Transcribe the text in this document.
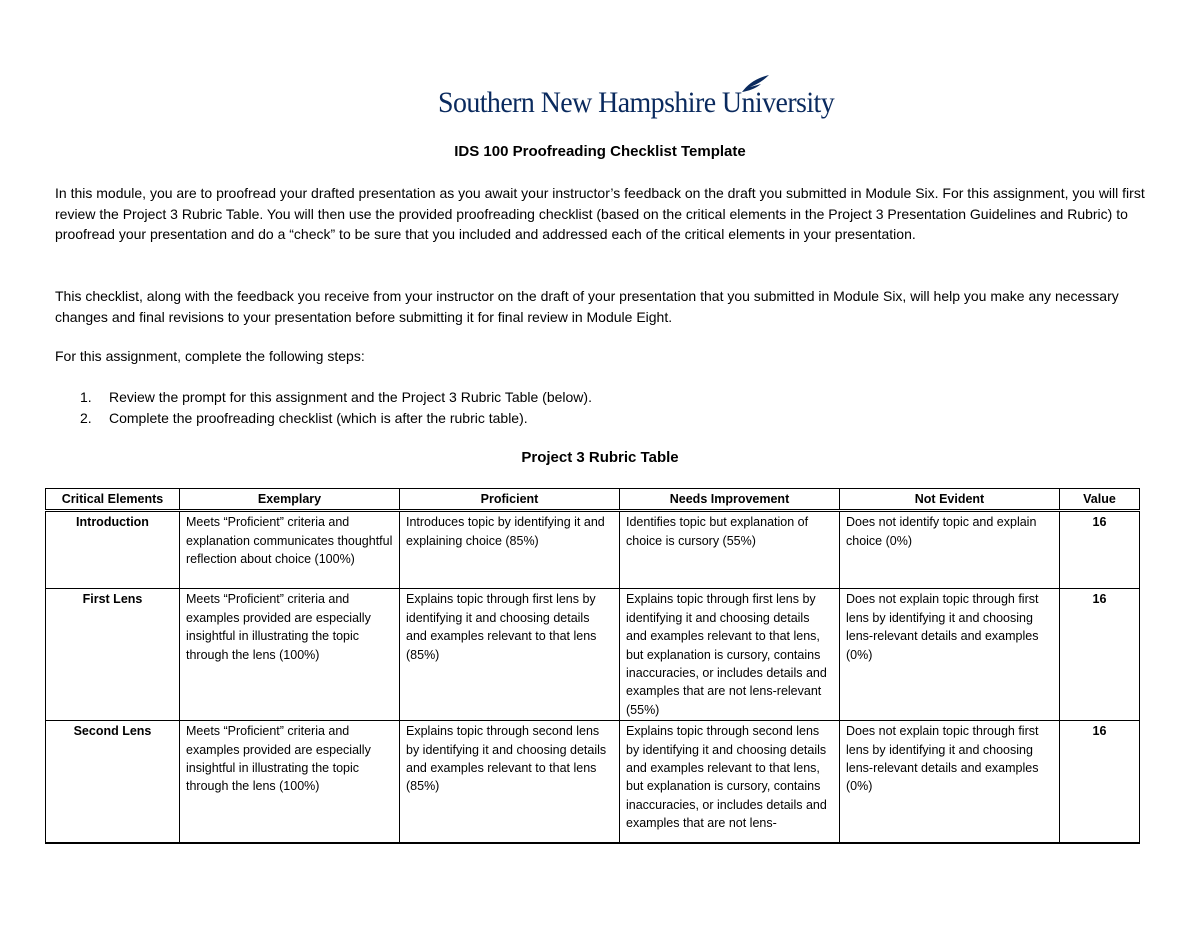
Southern New Hampshire University
IDS 100 Proofreading Checklist Template
In this module, you are to proofread your drafted presentation as you await your instructor’s feedback on the draft you submitted in Module Six. For this assignment, you will first review the Project 3 Rubric Table. You will then use the provided proofreading checklist (based on the critical elements in the Project 3 Presentation Guidelines and Rubric) to proofread your presentation and do a “check” to be sure that you included and addressed each of the critical elements in your presentation.
This checklist, along with the feedback you receive from your instructor on the draft of your presentation that you submitted in Module Six, will help you make any necessary changes and final revisions to your presentation before submitting it for final review in Module Eight.
For this assignment, complete the following steps:
1. Review the prompt for this assignment and the Project 3 Rubric Table (below).
2. Complete the proofreading checklist (which is after the rubric table).
Project 3 Rubric Table
Critical Elements	Exemplary	Proficient	Needs Improvement	Not Evident	Value
Introduction	Meets “Proficient” criteria and explanation communicates thoughtful reflection about choice (100%)	Introduces topic by identifying it and explaining choice (85%)	Identifies topic but explanation of choice is cursory (55%)	Does not identify topic and explain choice (0%)	16
First Lens	Meets “Proficient” criteria and examples provided are especially insightful in illustrating the topic through the lens (100%)	Explains topic through first lens by identifying it and choosing details and examples relevant to that lens (85%)	Explains topic through first lens by identifying it and choosing details and examples relevant to that lens, but explanation is cursory, contains inaccuracies, or includes details and examples that are not lens-relevant (55%)	Does not explain topic through first lens by identifying it and choosing lens-relevant details and examples (0%)	16
Second Lens	Meets “Proficient” criteria and examples provided are especially insightful in illustrating the topic through the lens (100%)	Explains topic through second lens by identifying it and choosing details and examples relevant to that lens (85%)	Explains topic through second lens by identifying it and choosing details and examples relevant to that lens, but explanation is cursory, contains inaccuracies, or includes details and examples that are not lens-	Does not explain topic through first lens by identifying it and choosing lens-relevant details and examples (0%)	16
